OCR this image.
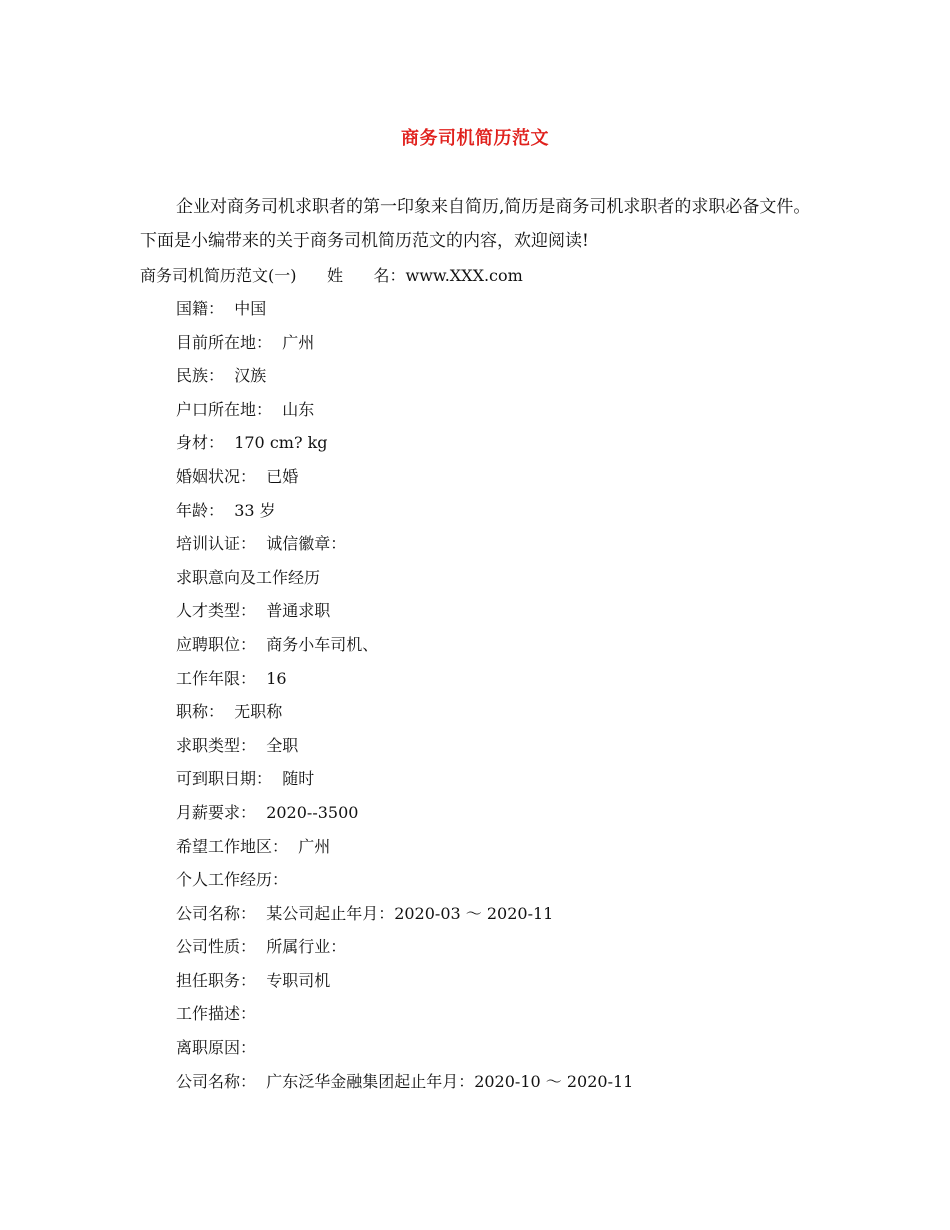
商务司机简历范文

企业对商务司机求职者的第一印象来自简历,简历是商务司机求职者的求职必备文件。下面是小编带来的关于商务司机简历范文的内容，欢迎阅读!

商务司机简历范文(一)      姓      名：www.XXX.com
国籍： 中国
目前所在地： 广州
民族： 汉族
户口所在地： 山东
身材： 170 cm? kg
婚姻状况： 已婚
年龄： 33 岁
培训认证： 诚信徽章：
求职意向及工作经历
人才类型： 普通求职
应聘职位： 商务小车司机、
工作年限： 16
职称： 无职称
求职类型： 全职
可到职日期： 随时
月薪要求： 2020--3500
希望工作地区： 广州
个人工作经历：
公司名称： 某公司起止年月：2020-03 ～ 2020-11
公司性质： 所属行业：
担任职务： 专职司机
工作描述：
离职原因：
公司名称： 广东泛华金融集团起止年月：2020-10 ～ 2020-11
